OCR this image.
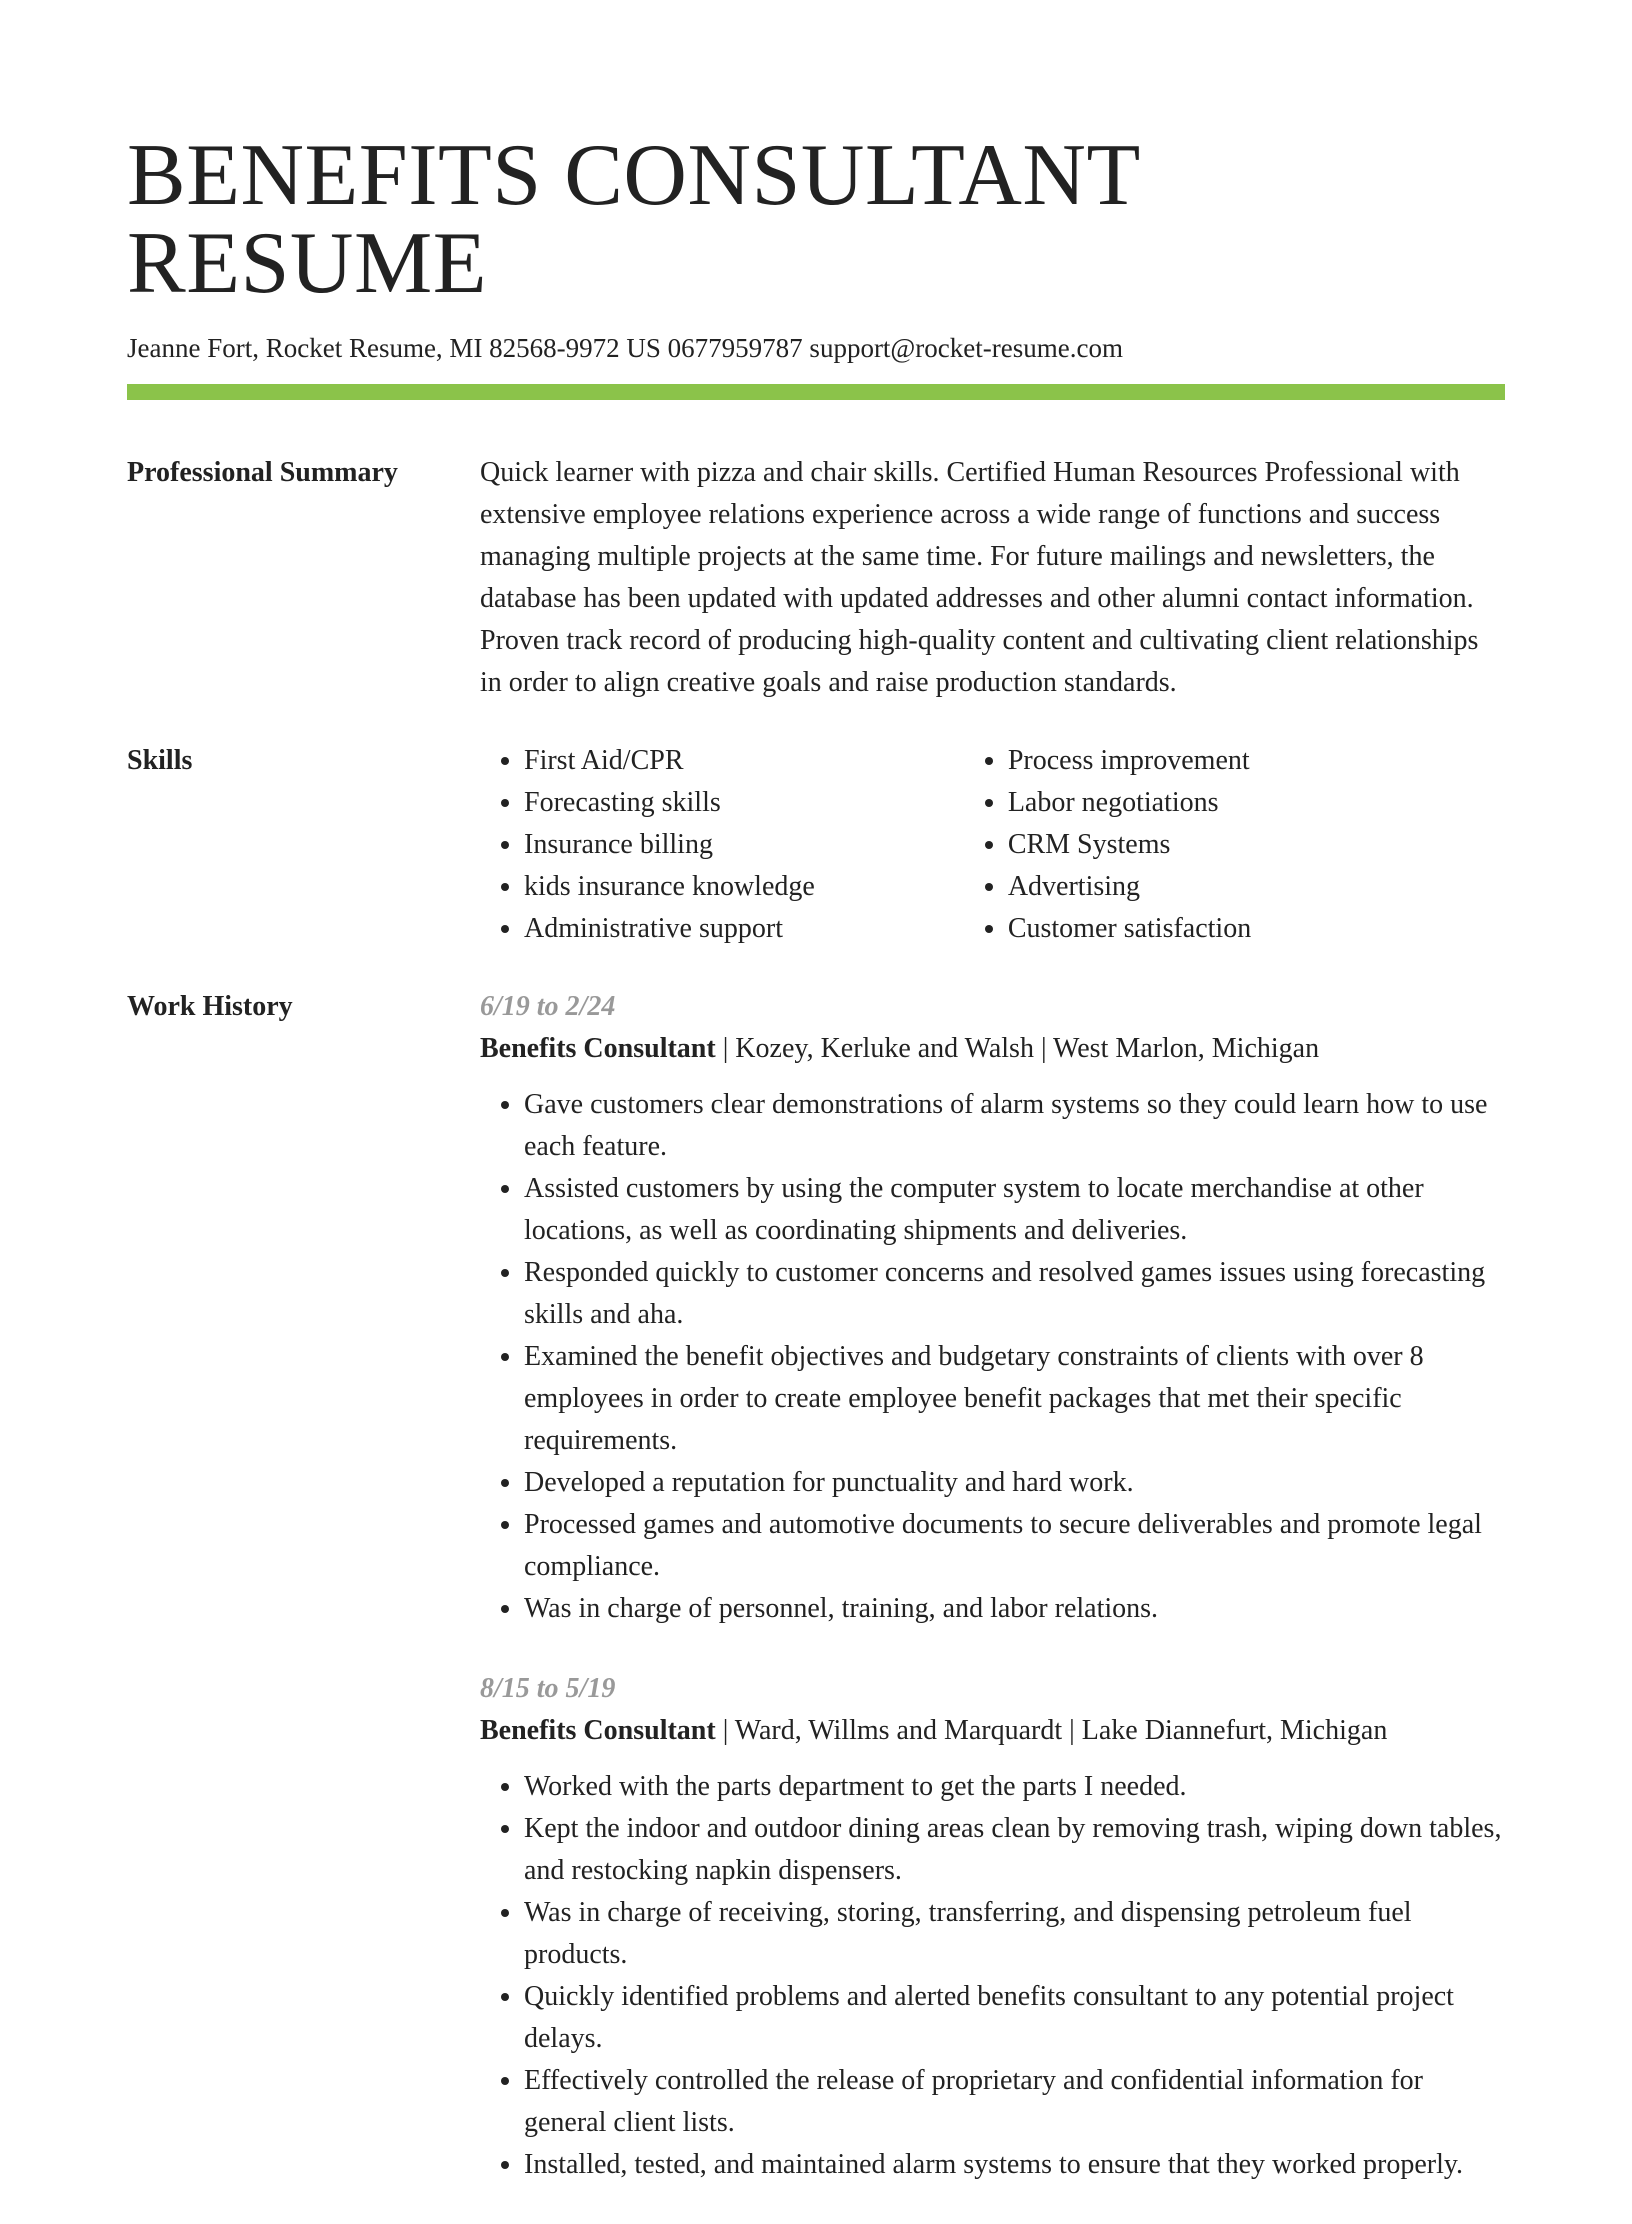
BENEFITS CONSULTANT RESUME
Jeanne Fort, Rocket Resume, MI 82568-9972 US 0677959787 support@rocket-resume.com
Professional Summary	Quick learner with pizza and chair skills. Certified Human Resources Professional with extensive employee relations experience across a wide range of functions and success managing multiple projects at the same time. For future mailings and newsletters, the database has been updated with updated addresses and other alumni contact information. Proven track record of producing high-quality content and cultivating client relationships in order to align creative goals and raise production standards.

Skills
•	First Aid/CPR
• Forecasting skills
• Insurance billing
• kids insurance knowledge
• Administrative support
• Process improvement
• Labor negotiations
• CRM Systems
• Advertising
• Customer satisfaction
Work History	6/19 to 2/24
Benefits Consultant | Kozey, Kerluke and Walsh | West Marlon, Michigan
• Gave customers clear demonstrations of alarm systems so they could learn how to use each feature.
• Assisted customers by using the computer system to locate merchandise at other locations, as well as coordinating shipments and deliveries.
• Responded quickly to customer concerns and resolved games issues using forecasting skills and aha.
• Examined the benefit objectives and budgetary constraints of clients with over 8 employees in order to create employee benefit packages that met their specific requirements.
• Developed a reputation for punctuality and hard work.
• Processed games and automotive documents to secure deliverables and promote legal compliance.
• Was in charge of personnel, training, and labor relations.
8/15 to 5/19
Benefits Consultant | Ward, Willms and Marquardt | Lake Diannefurt, Michigan
• Worked with the parts department to get the parts I needed.
• Kept the indoor and outdoor dining areas clean by removing trash, wiping down tables, and restocking napkin dispensers.
• Was in charge of receiving, storing, transferring, and dispensing petroleum fuel products.
• Quickly identified problems and alerted benefits consultant to any potential project delays.
• Effectively controlled the release of proprietary and confidential information for general client lists.
• Installed, tested, and maintained alarm systems to ensure that they worked properly.
